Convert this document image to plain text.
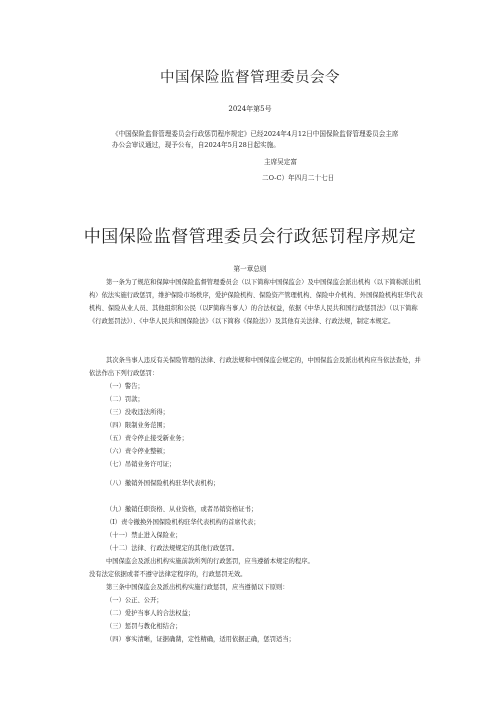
中国保险监督管理委员会令
2024年第5号
《中国保险监督管理委员会行政惩罚程序规定》已经2024年4月12日中国保险监督管理委员会主席办公会审议通过，现予公布，自2024年5月28日起实施。
主席吴定富
二O-C）年四月二十七日
中国保险监督管理委员会行政惩罚程序规定
第一章总则
第一条为了规范和保障中国保险监督管理委员会（以下简称中国保监会）及中国保监会派出机构（以下简称派出机构）依法实施行政惩罚，维护保险市场秩序，爱护保险机构、保险资产管理机构、保险中介机构、外国保险机构驻华代表机构、保险从业人员、其他组织和公民（以F简称当事人）的合法权益，依据《中华人民共和国行政惩罚法》（以下简称《行政惩罚法》）、《中华人民共和国保险法》（以下简称《保险法》）及其他有关法律、行政法规，制定本规定。
其次条当事人违反有关保险管理的法律、行政法规和中国保监会规定的，中国保监会及派出机构应当依法查处，并依法作出下列行政惩罚：
（一）警告；
（二）罚款；
（三）没收违法所得；
（四）限制业务范围；
（五）责令停止接受新业务；
（六）责令停业整顿；
（七）吊销业务许可证；
（八）撤销外国保险机构驻华代表机构；
（九）撤销任职资格、从业资格，或者吊销资格证书；
（I）责令撤换外国保险机构驻华代表机构的首席代表；
（十一）禁止进入保险业；
（十二）法律、行政法规规定的其他行政惩罚。
中国保监会及派出机构实施前款所列的行政惩罚，应当遵循本规定的程序。
没有法定依据或者不遵守法律定程序的，行政惩罚无效。
第三条中国保监会及派出机构实施行政惩罚，应当遵循以下原则：
（一）公正、公开；
（二）爱护当事人的合法权益；
（三）惩罚与教化相结合；
（四）事实清晰，证据确凿，定性精确，适用依据正确，惩罚适当；
